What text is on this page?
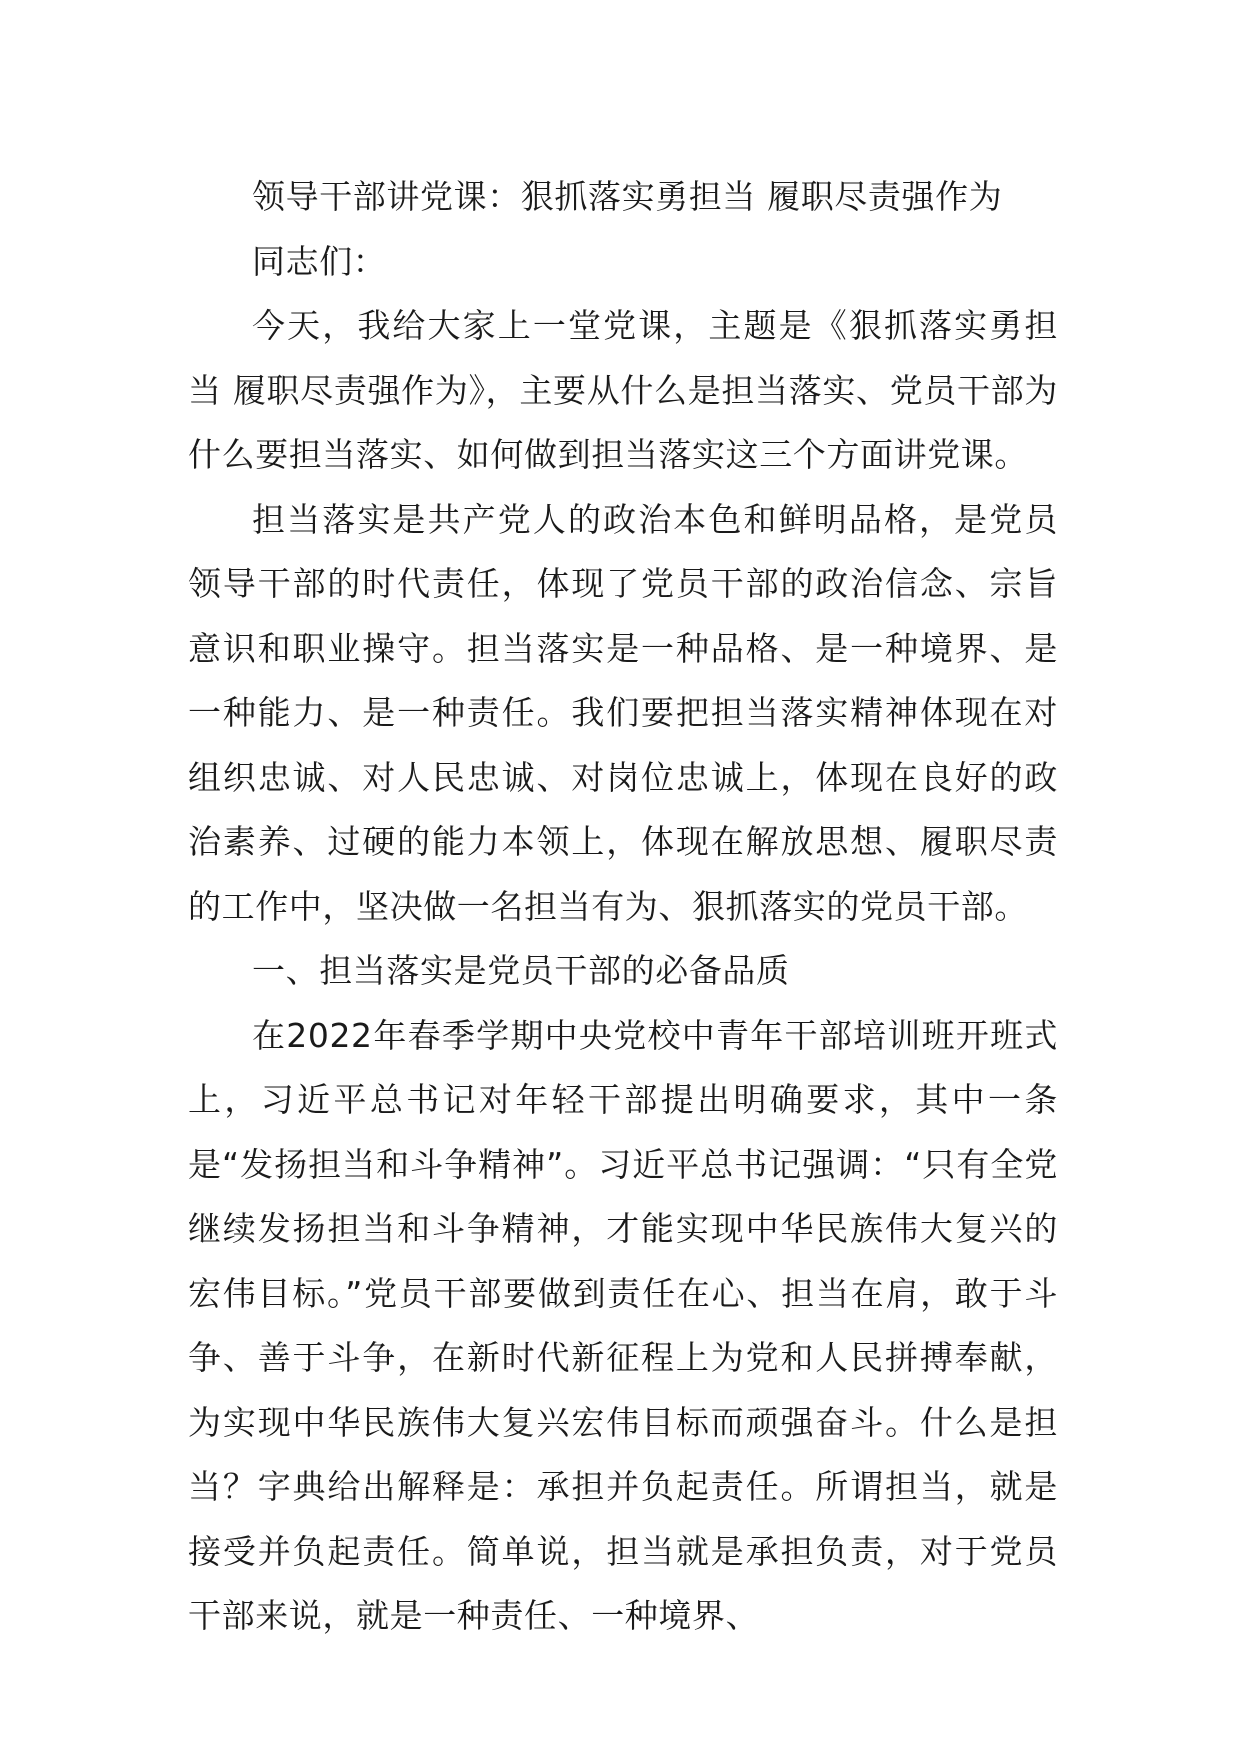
领导干部讲党课：狠抓落实勇担当 履职尽责强作为

同志们：

今天，我给大家上一堂党课，主题是《狠抓落实勇担当 履职尽责强作为》，主要从什么是担当落实、党员干部为什么要担当落实、如何做到担当落实这三个方面讲党课。

担当落实是共产党人的政治本色和鲜明品格，是党员领导干部的时代责任，体现了党员干部的政治信念、宗旨意识和职业操守。担当落实是一种品格、是一种境界、是一种能力、是一种责任。我们要把担当落实精神体现在对组织忠诚、对人民忠诚、对岗位忠诚上，体现在良好的政治素养、过硬的能力本领上，体现在解放思想、履职尽责的工作中，坚决做一名担当有为、狠抓落实的党员干部。

一、担当落实是党员干部的必备品质

在2022年春季学期中央党校中青年干部培训班开班式上，习近平总书记对年轻干部提出明确要求，其中一条是“发扬担当和斗争精神”。习近平总书记强调：“只有全党继续发扬担当和斗争精神，才能实现中华民族伟大复兴的宏伟目标。”党员干部要做到责任在心、担当在肩，敢于斗争、善于斗争，在新时代新征程上为党和人民拼搏奉献，为实现中华民族伟大复兴宏伟目标而顽强奋斗。什么是担当？字典给出解释是：承担并负起责任。所谓担当，就是接受并负起责任。简单说，担当就是承担负责，对于党员干部来说，就是一种责任、一种境界、
